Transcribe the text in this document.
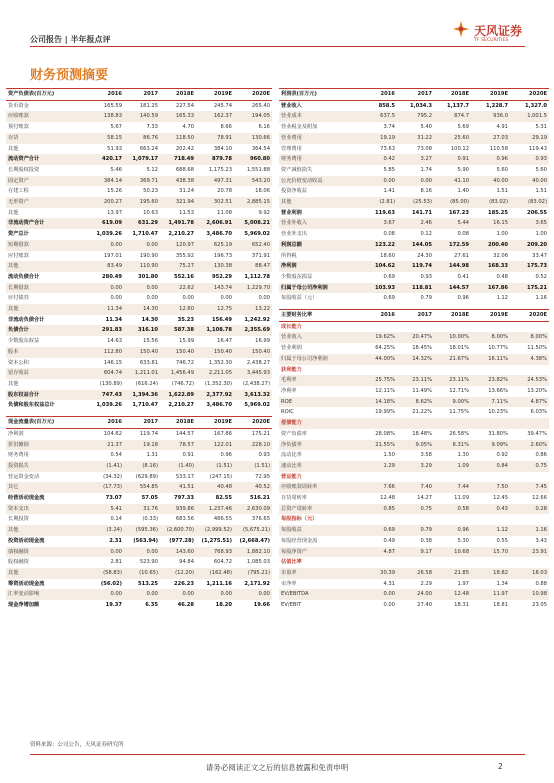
公司报告 | 半年报点评
天风证券
TF SECURITIES
财务预测摘要
资产负债表(百万元)	2016	2017	2018E	2019E	2020E
货币资金	165.59	181.25	227.54	245.74	265.40
应收账款	138.83	140.59	165.33	162.37	194.05
预付账款	5.67	7.33	4.70	8.66	6.16
存货	58.15	86.76	118.50	78.91	130.66
其他	51.93	663.24	202.42	384.10	364.54
流动资产合计	420.17	1,079.17	718.49	879.78	960.80
长期股权投资	5.46	5.12	688.68	1,175.23	1,551.88
固定资产	384.14	369.71	438.38	497.31	543.20
在建工程	15.26	50.23	31.24	20.78	18.06
无形资产	200.27	195.60	321.94	302.51	2,885.15
其他	13.97	10.63	11.53	11.08	9.92
非流动资产合计	619.09	631.29	1,491.78	2,606.91	5,008.21
资产总计	1,039.26	1,710.47	2,210.27	3,486.70	5,969.02
短期借款	0.00	0.00	120.97	625.19	652.40
应付账款	197.01	190.90	355.92	196.73	371.91
其他	83.49	110.90	75.27	130.38	88.47
流动负债合计	280.49	301.80	552.16	952.29	1,112.78
长期借款	0.00	0.00	22.62	143.74	1,229.70
应付债券	0.00	0.00	0.00	0.00	0.00
其他	11.34	14.30	12.60	12.75	13.22
非流动负债合计	11.34	14.30	35.23	156.49	1,242.92
负债合计	291.83	316.10	587.38	1,108.78	2,355.69
少数股东权益	14.63	15.56	15.99	16.47	16.99
股本	112.80	150.40	150.40	150.40	150.40
资本公积	146.15	633.81	746.72	1,352.30	2,438.27
留存收益	604.74	1,211.01	1,456.49	2,211.05	3,445.93
其他	(130.89)	(616.24)	(746.72)	(1,352.30)	(2,438.27)
股东权益合计	747.43	1,394.36	1,622.89	2,377.92	3,613.32
负债和股东权益总计	1,039.26	1,710.47	2,210.27	3,486.70	5,969.02
现金流量表(百万元)	2016	2017	2018E	2019E	2020E
净利润	104.62	119.74	144.57	167.86	175.21
折旧摊销	21.37	19.18	78.57	122.01	228.10
财务费用	0.54	1.31	0.91	0.96	0.93
投资损失	(1.41)	(8.16)	(1.40)	(1.51)	(1.51)
营运资金变动	(34.32)	(629.89)	533.17	(247.15)	72.95
其它	(17.73)	554.85	41.51	40.48	40.52
经营活动现金流	73.07	57.05	797.33	82.55	516.21
资本支出	5.41	31.76	939.86	1,237.46	2,630.09
长期投资	0.14	(0.33)	683.56	486.55	376.65
其他	(3.24)	(595.36)	(2,600.70)	(2,999.52)	(5,675.21)
投资活动现金流	2.31	(563.94)	(977.28)	(1,275.51)	(2,668.47)
债权融资	0.00	0.00	143.60	768.93	1,882.10
股权融资	2.81	523.90	94.84	604.72	1,085.03
其他	(58.83)	(10.65)	(12.20)	(162.48)	(795.21)
筹资活动现金流	(56.02)	513.25	226.23	1,211.16	2,171.92
汇率变动影响	0.00	0.00	0.00	0.00	0.00
现金净增加额	19.37	6.35	46.28	18.20	19.66
利润表(百万元)	2016	2017	2018E	2019E	2020E
营业收入	858.5	1,034.3	1,137.7	1,228.7	1,327.0
营业成本	637.5	795.2	874.7	936.0	1,001.5
营业税金及附加	3.74	5.40	5.69	4.91	5.31
营业费用	19.19	31.22	25.60	27.03	29.19
管理费用	73.63	73.08	100.12	110.58	119.43
财务费用	0.42	3.27	0.91	0.96	0.93
资产减值损失	5.85	1.74	5.90	5.60	5.60
公允价值变动收益	0.00	0.00	41.10	40.00	40.00
投资净收益	1.41	8.16	1.40	1.51	1.51
其他	(2.81)	(25.53)	(85.00)	(83.02)	(83.02)
营业利润	119.63	141.71	167.23	185.25	206.55
营业外收入	3.67	2.46	5.44	16.15	3.65
营业外支出	0.08	0.12	0.08	1.00	1.00
利润总额	123.22	144.05	172.59	200.40	209.20
所得税	18.60	24.30	27.61	32.06	33.47
净利润	104.62	119.74	144.98	168.33	175.73
少数股东损益	0.69	0.93	0.41	0.48	0.52
归属于母公司净利润	103.93	118.81	144.57	167.86	175.21
每股收益（元）	0.69	0.79	0.96	1.12	1.16
主要财务比率	2016	2017	2018E	2019E	2020E
成长能力					
营业收入	19.62%	20.47%	10.00%	8.00%	8.00%
营业利润	64.25%	18.45%	18.01%	10.77%	11.50%
归属于母公司净利润	44.00%	14.32%	21.67%	16.11%	4.38%
获利能力					
毛利率	25.75%	23.11%	23.11%	23.82%	24.53%
净利率	12.11%	11.49%	12.71%	13.66%	13.20%
ROE	14.18%	8.62%	9.00%	7.11%	4.87%
ROIC	19.99%	21.22%	11.75%	10.23%	6.03%
偿债能力					
资产负债率	28.08%	18.48%	26.58%	31.80%	39.47%
净负债率	21.55%	9.05%	8.31%	9.09%	2.60%
流动比率	1.50	3.58	1.30	0.92	0.86
速动比率	1.29	3.29	1.09	0.84	0.75
营运能力					
应收账款周转率	7.66	7.40	7.44	7.50	7.45
存货周转率	12.48	14.27	11.09	12.45	12.66
总资产周转率	0.85	0.75	0.58	0.43	0.28
每股指标（元）					
每股收益	0.69	0.79	0.96	1.12	1.16
每股经营现金流	0.49	0.38	5.30	0.55	3.43
每股净资产	4.87	9.17	10.68	15.70	23.91
估值比率					
市盈率	30.39	26.58	21.85	18.82	18.03
市净率	4.31	2.29	1.97	1.34	0.88
EV/EBITDA	0.00	24.00	12.48	11.97	10.98
EV/EBIT	0.00	27.40	18.31	18.81	23.05
资料来源：公司公告，天风证券研究所
请务必阅读正文之后的信息披露和免责申明	2
